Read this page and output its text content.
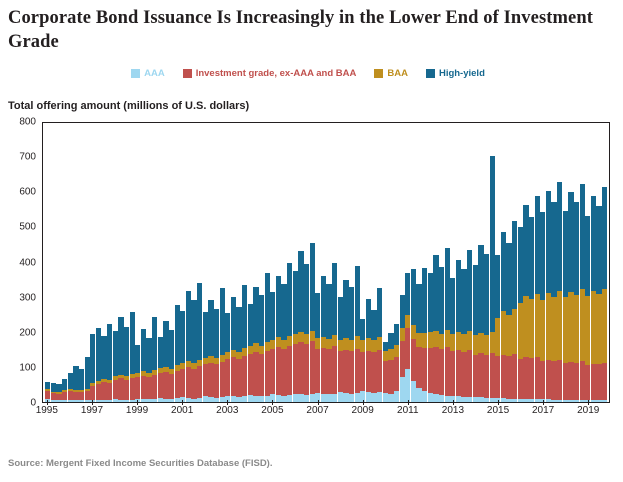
Corporate Bond Issuance Is Increasingly in the Lower End of Investment Grade
AAA	Investment grade, ex-AAA and BAA	BAA	High-yield
Total offering amount (millions of U.S. dollars)
0
100
200
300
400
500
600
700
800
1995 1997 1999 2001 2003 2005 2007 2009 2011 2013 2015 2017 2019
Source: Mergent Fixed Income Securities Database (FISD).
